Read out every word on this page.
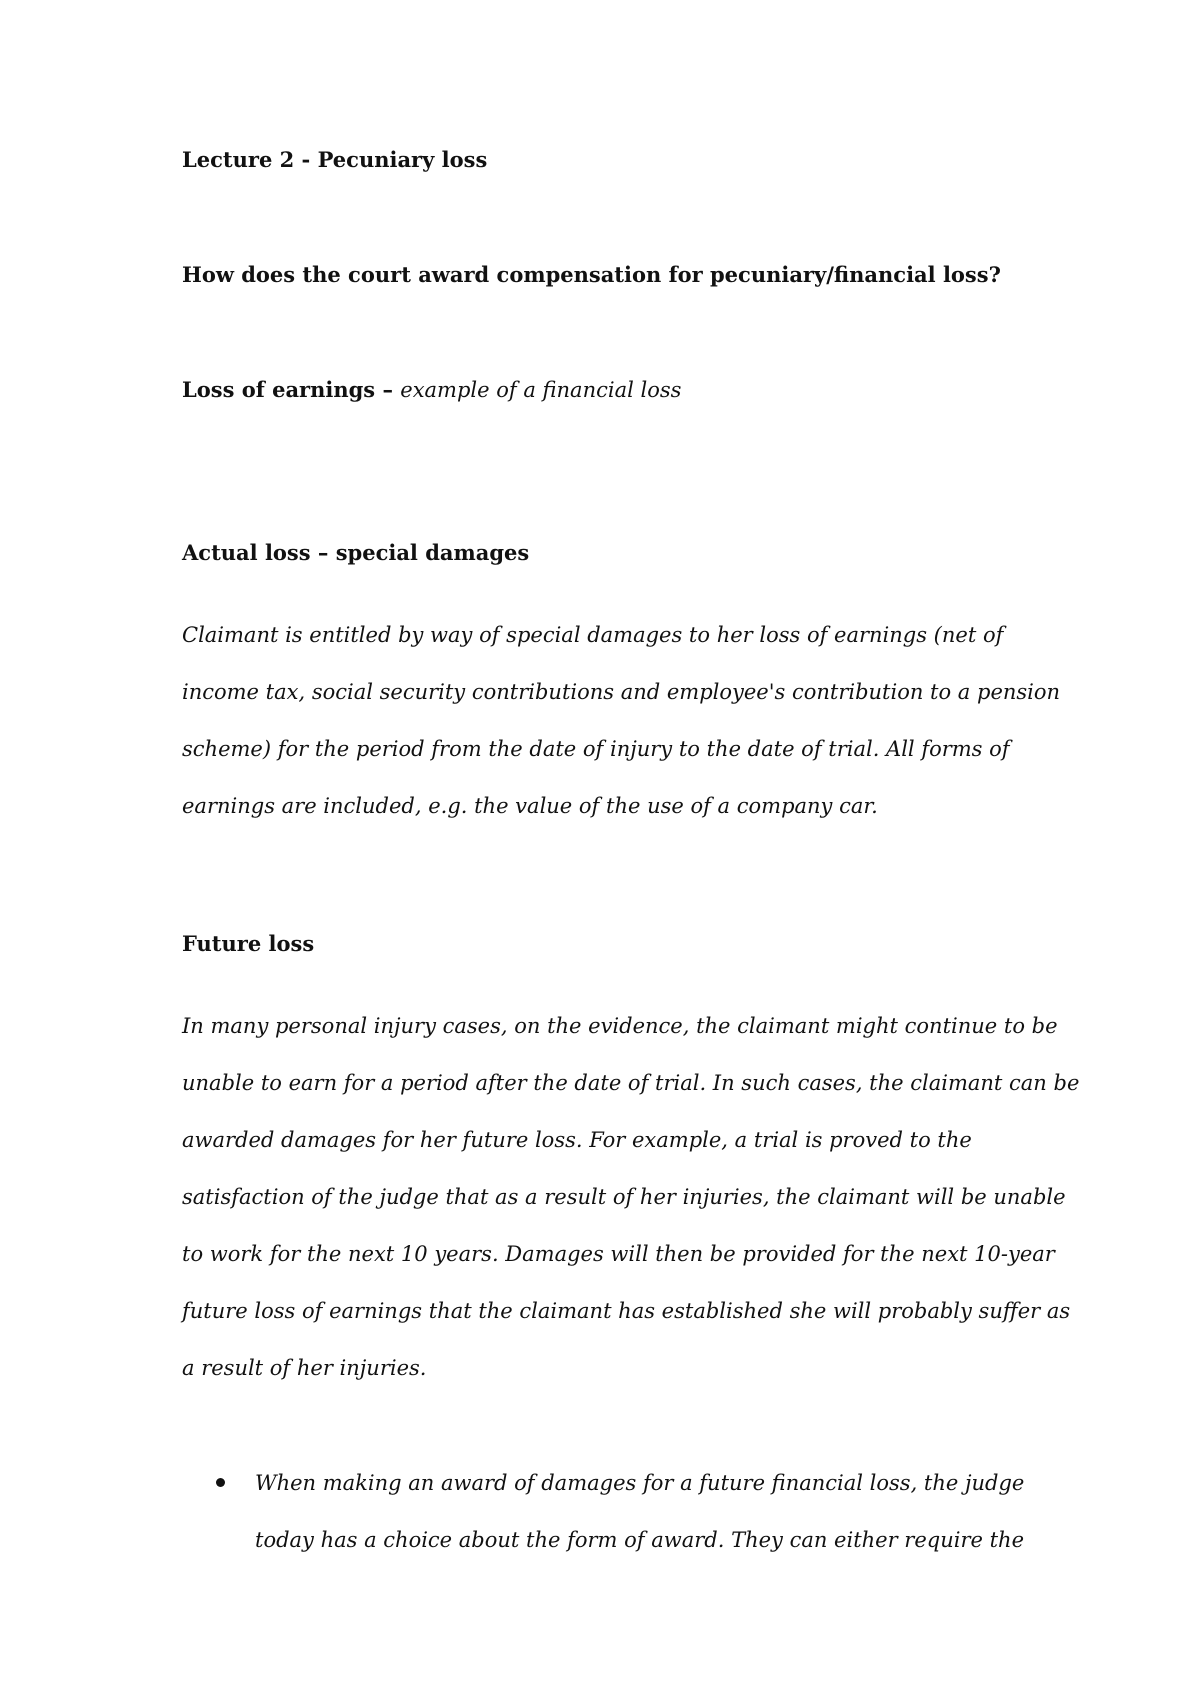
Lecture 2 - Pecuniary loss
How does the court award compensation for pecuniary/financial loss?
Loss of earnings – example of a financial loss
Actual loss – special damages
Claimant is entitled by way of special damages to her loss of earnings (net of
income tax, social security contributions and employee's contribution to a pension
scheme) for the period from the date of injury to the date of trial. All forms of
earnings are included, e.g. the value of the use of a company car.
Future loss
In many personal injury cases, on the evidence, the claimant might continue to be
unable to earn for a period after the date of trial. In such cases, the claimant can be
awarded damages for her future loss. For example, a trial is proved to the
satisfaction of the judge that as a result of her injuries, the claimant will be unable
to work for the next 10 years. Damages will then be provided for the next 10-year
future loss of earnings that the claimant has established she will probably suffer as
a result of her injuries.
When making an award of damages for a future financial loss, the judge
today has a choice about the form of award. They can either require the
